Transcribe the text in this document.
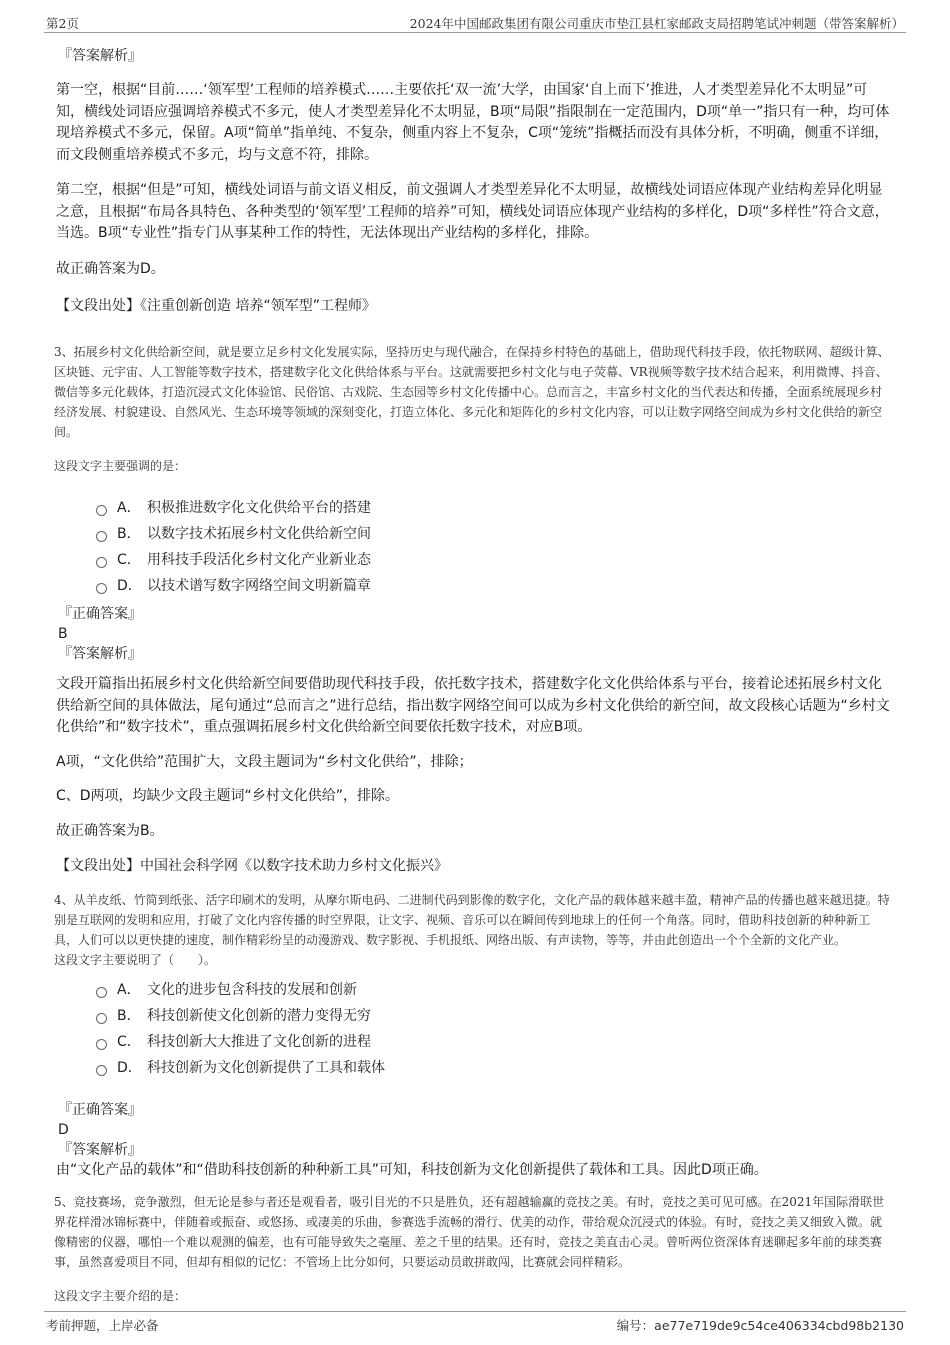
第2页	2024年中国邮政集团有限公司重庆市垫江县杠家邮政支局招聘笔试冲刺题（带答案解析）
『答案解析』

第一空，根据“目前……‘领军型’工程师的培养模式……主要依托‘双一流’大学，由国家‘自上而下’推进，人才类型差异化不太明显”可知，横线处词语应强调培养模式不多元，使人才类型差异化不太明显，B项“局限”指限制在一定范围内，D项“单一”指只有一种，均可体现培养模式不多元，保留。A项“简单”指单纯、不复杂，侧重内容上不复杂，C项“笼统”指概括而没有具体分析，不明确，侧重不详细，而文段侧重培养模式不多元，均与文意不符，排除。

第二空，根据“但是”可知，横线处词语与前文语义相反，前文强调人才类型差异化不太明显，故横线处词语应体现产业结构差异化明显之意，且根据“布局各具特色、各种类型的‘领军型’工程师的培养”可知，横线处词语应体现产业结构的多样化，D项“多样性”符合文意，当选。B项“专业性”指专门从事某种工作的特性，无法体现出产业结构的多样化，排除。

故正确答案为D。

【文段出处】《注重创新创造 培养“领军型”工程师》

3、拓展乡村文化供给新空间，就是要立足乡村文化发展实际，坚持历史与现代融合，在保持乡村特色的基础上，借助现代科技手段，依托物联网、超级计算、区块链、元宇宙、人工智能等数字技术，搭建数字化文化供给体系与平台。这就需要把乡村文化与电子荧幕、VR视频等数字技术结合起来，利用微博、抖音、微信等多元化载体，打造沉浸式文化体验馆、民俗馆、古戏院、生态园等乡村文化传播中心。总而言之，丰富乡村文化的当代表达和传播，全面系统展现乡村经济发展、村貌建设、自然风光、生态环境等领域的深刻变化，打造立体化、多元化和矩阵化的乡村文化内容，可以让数字网络空间成为乡村文化供给的新空间。

这段文字主要强调的是：

A． 积极推进数字化文化供给平台的搭建
B． 以数字技术拓展乡村文化供给新空间
C． 用科技手段活化乡村文化产业新业态
D． 以技术谱写数字网络空间文明新篇章
『正确答案』
B
『答案解析』

文段开篇指出拓展乡村文化供给新空间要借助现代科技手段，依托数字技术，搭建数字化文化供给体系与平台，接着论述拓展乡村文化供给新空间的具体做法，尾句通过“总而言之”进行总结，指出数字网络空间可以成为乡村文化供给的新空间，故文段核心话题为“乡村文化供给”和“数字技术”，重点强调拓展乡村文化供给新空间要依托数字技术，对应B项。

A项，“文化供给”范围扩大，文段主题词为“乡村文化供给”，排除；

C、D两项，均缺少文段主题词“乡村文化供给”，排除。

故正确答案为B。

【文段出处】中国社会科学网《以数字技术助力乡村文化振兴》

4、从羊皮纸、竹简到纸张、活字印刷术的发明，从摩尔斯电码、二进制代码到影像的数字化，文化产品的载体越来越丰盈，精神产品的传播也越来越迅捷。特别是互联网的发明和应用，打破了文化内容传播的时空界限，让文字、视频、音乐可以在瞬间传到地球上的任何一个角落。同时，借助科技创新的种种新工具，人们可以以更快捷的速度，制作精彩纷呈的动漫游戏、数字影视、手机报纸、网络出版、有声读物，等等，并由此创造出一个个全新的文化产业。

这段文字主要说明了（　　）。

A． 文化的进步包含科技的发展和创新
B． 科技创新使文化创新的潜力变得无穷
C． 科技创新大大推进了文化创新的进程
D． 科技创新为文化创新提供了工具和载体
『正确答案』
D
『答案解析』

由“文化产品的载体”和“借助科技创新的种种新工具”可知，科技创新为文化创新提供了载体和工具。因此D项正确。

5、竞技赛场，竞争激烈，但无论是参与者还是观看者，吸引目光的不只是胜负，还有超越输赢的竞技之美。有时，竞技之美可见可感。在2021年国际滑联世界花样滑冰锦标赛中，伴随着或振奋、或悠扬、或凄美的乐曲，参赛选手流畅的滑行、优美的动作，带给观众沉浸式的体验。有时，竞技之美又细致入微。就像精密的仪器，哪怕一个难以观测的偏差，也有可能导致失之毫厘、差之千里的结果。还有时，竞技之美直击心灵。曾听两位资深体育迷聊起多年前的球类赛事，虽然喜爱项目不同，但却有相似的记忆：不管场上比分如何，只要运动员敢拼敢闯，比赛就会同样精彩。

这段文字主要介绍的是：

考前押题，上岸必备	编号：ae77e719de9c54ce406334cbd98b2130
